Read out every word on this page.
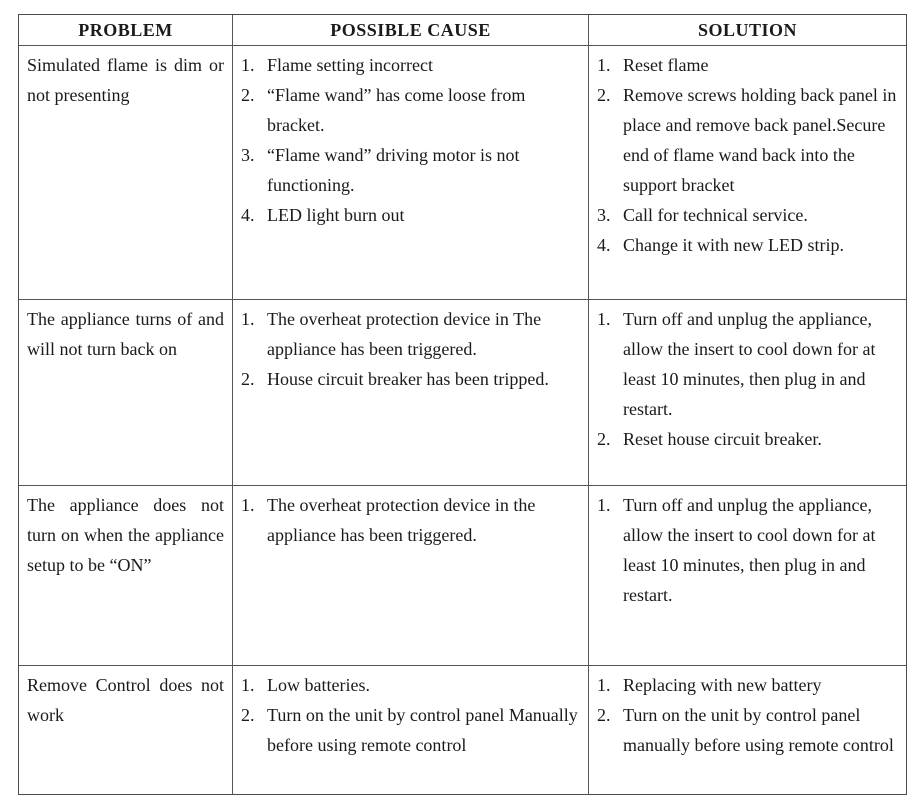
PROBLEM	POSSIBLE CAUSE	SOLUTION
Simulated flame is dim or not presenting
1. Flame setting incorrect
2. “Flame wand” has come loose from bracket.
3. “Flame wand” driving motor is not functioning.
4. LED light burn out
1. Reset flame
2. Remove screws holding back panel in place and remove back panel.Secure end of flame wand back into the support bracket
3. Call for technical service.
4. Change it with new LED strip.
The appliance turns of and will not turn back on
1. The overheat protection device in The appliance has been triggered.
2. House circuit breaker has been tripped.
1. Turn off and unplug the appliance, allow the insert to cool down for at least 10 minutes, then plug in and restart.
2. Reset house circuit breaker.
The appliance does not turn on when the appliance setup to be “ON”
1. The overheat protection device in the appliance has been triggered.
1. Turn off and unplug the appliance, allow the insert to cool down for at least 10 minutes, then plug in and restart.
Remove Control does not work
1. Low batteries.
2. Turn on the unit by control panel Manually before using remote control
1. Replacing with new battery
2. Turn on the unit by control panel manually before using remote control
